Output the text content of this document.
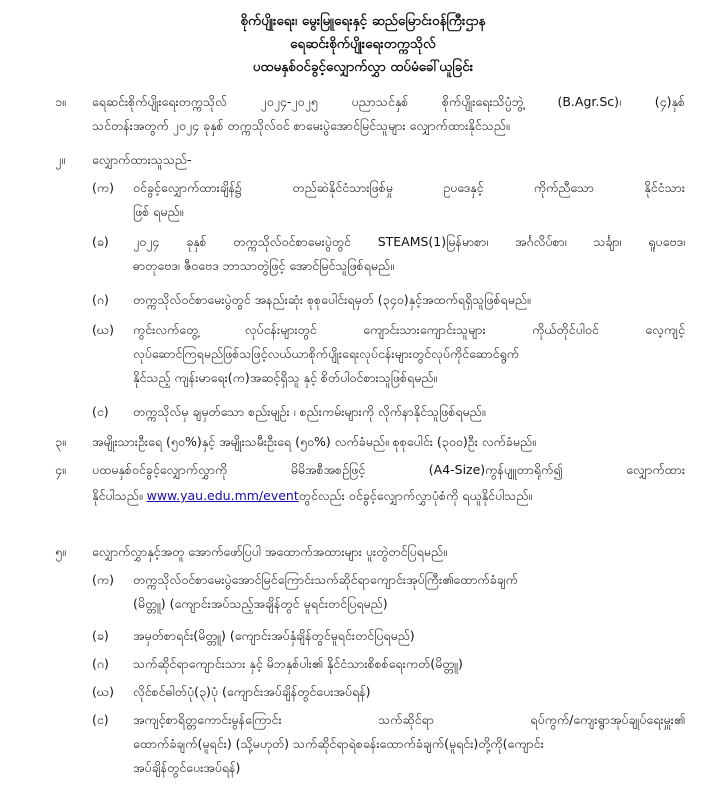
စိုက်ပျိုးရေး၊ မွေးမြူရေးနှင့် ဆည်မြောင်းဝန်ကြီးဌာန
ရေဆင်းစိုက်ပျိုးရေးတက္ကသိုလ်
ပထမနှစ်ဝင်ခွင့်လျှောက်လွှာ ထပ်မံခေါ်ယူခြင်း
၁။ ရေဆင်းစိုက်ပျိုးရေးတက္ကသိုလ် ၂၀၂၄-၂၀၂၅ ပညာသင်နှစ် စိုက်ပျိုးရေးသိပ္ပံဘွဲ့ (B.Agr.Sc)၊ (၄)နှစ်
သင်တန်းအတွက် ၂၀၂၄ ခုနှစ် တက္ကသိုလ်ဝင် စာမေးပွဲအောင်မြင်သူများ လျှောက်ထားနိုင်သည်။
၂။ လျှောက်ထားသူသည်-
(က) ဝင်ခွင့်လျှောက်ထားချိန်၌ တည်ဆဲနိုင်ငံသားဖြစ်မှု ဥပဒေနှင့် ကိုက်ညီသော နိုင်ငံသား
ဖြစ် ရမည်။
(ခ) ၂၀၂၄ ခုနှစ် တက္ကသိုလ်ဝင်စာမေးပွဲတွင် STEAMS(1)မြန်မာစာ၊ အင်္ဂလိပ်စာ၊ သင်္ချာ၊ ရူပဗေဒ၊
ဓာတုဗေဒ၊ ဇီဝဗေဒ ဘာသာတွဲဖြင့် အောင်မြင်သူဖြစ်ရမည်။
(ဂ) တက္ကသိုလ်ဝင်စာမေးပွဲတွင် အနည်းဆုံး စုစုပေါင်းရမှတ် (၃၄၀)နှင့်အထက်ရရှိသူဖြစ်ရမည်။
(ဃ) ကွင်းလက်တွေ့ လုပ်ငန်းများတွင် ကျောင်းသားကျောင်းသူများ ကိုယ်တိုင်ပါဝင် လေ့ကျင့်
လုပ်ဆောင်ကြရမည်ဖြစ်သဖြင့်လယ်ယာစိုက်ပျိုးရေးလုပ်ငန်းများတွင်လုပ်ကိုင်ဆောင်ရွက်
နိုင်သည့် ကျန်းမာရေး(က)အဆင့်ရှိသူ နှင့် စိတ်ပါဝင်စားသူဖြစ်ရမည်။
(င) တက္ကသိုလ်မှ ချမှတ်သော စည်းမျဉ်း ၊ စည်းကမ်းများကို လိုက်နာနိုင်သူဖြစ်ရမည်။
၃။ အမျိုးသားဦးရေ (၅၀%)နှင့် အမျိုးသမီးဦးရေ (၅၀%) လက်ခံမည်။ စုစုပေါင်း (၃၀၀)ဦး လက်ခံမည်။
၄။ ပထမနှစ်ဝင်ခွင့်လျှောက်လွှာကို မိမိအစီအစဉ်ဖြင့် (A4-Size)ကွန်ပျူတာရိုက်၍ လျှောက်ထား
နိုင်ပါသည်။ www.yau.edu.mm/eventတွင်လည်း ဝင်ခွင့်လျှောက်လွှာပုံစံကို ရယူနိုင်ပါသည်။
၅။ လျှောက်လွှာနှင့်အတူ အောက်ဖော်ပြပါ အထောက်အထားများ ပူးတွဲတင်ပြရမည်။
(က) တက္ကသိုလ်ဝင်စာမေးပွဲအောင်မြင်ကြောင်းသက်ဆိုင်ရာကျောင်းအုပ်ကြီး၏ထောက်ခံချက်
(မိတ္တူ) (ကျောင်းအပ်သည့်အချိန်တွင် မူရင်းတင်ပြရမည်)
(ခ) အမှတ်စာရင်း(မိတ္တူ) (ကျောင်းအပ်နှံချိန်တွင်မူရင်းတင်ပြရမည်)
(ဂ) သက်ဆိုင်ရာကျောင်းသား နှင့် မိဘနှစ်ပါး၏ နိုင်ငံသားစိစစ်ရေးကတ်(မိတ္တူ)
(ဃ) လိုင်စင်ဓါတ်ပုံ(၃)ပုံ (ကျောင်းအပ်ချိန်တွင်ပေးအပ်ရန်)
(င) အကျင့်စာရိတ္တကောင်းမွန်ကြောင်း သက်ဆိုင်ရာ ရပ်ကွက်/ကျေးရွာအုပ်ချုပ်ရေးမှူး၏
ထောက်ခံချက်(မူရင်း) (သို့မဟုတ်) သက်ဆိုင်ရာရဲစခန်းထောက်ခံချက်(မူရင်း)တို့ကို(ကျောင်း
အပ်ချိန်တွင်ပေးအပ်ရန်)
